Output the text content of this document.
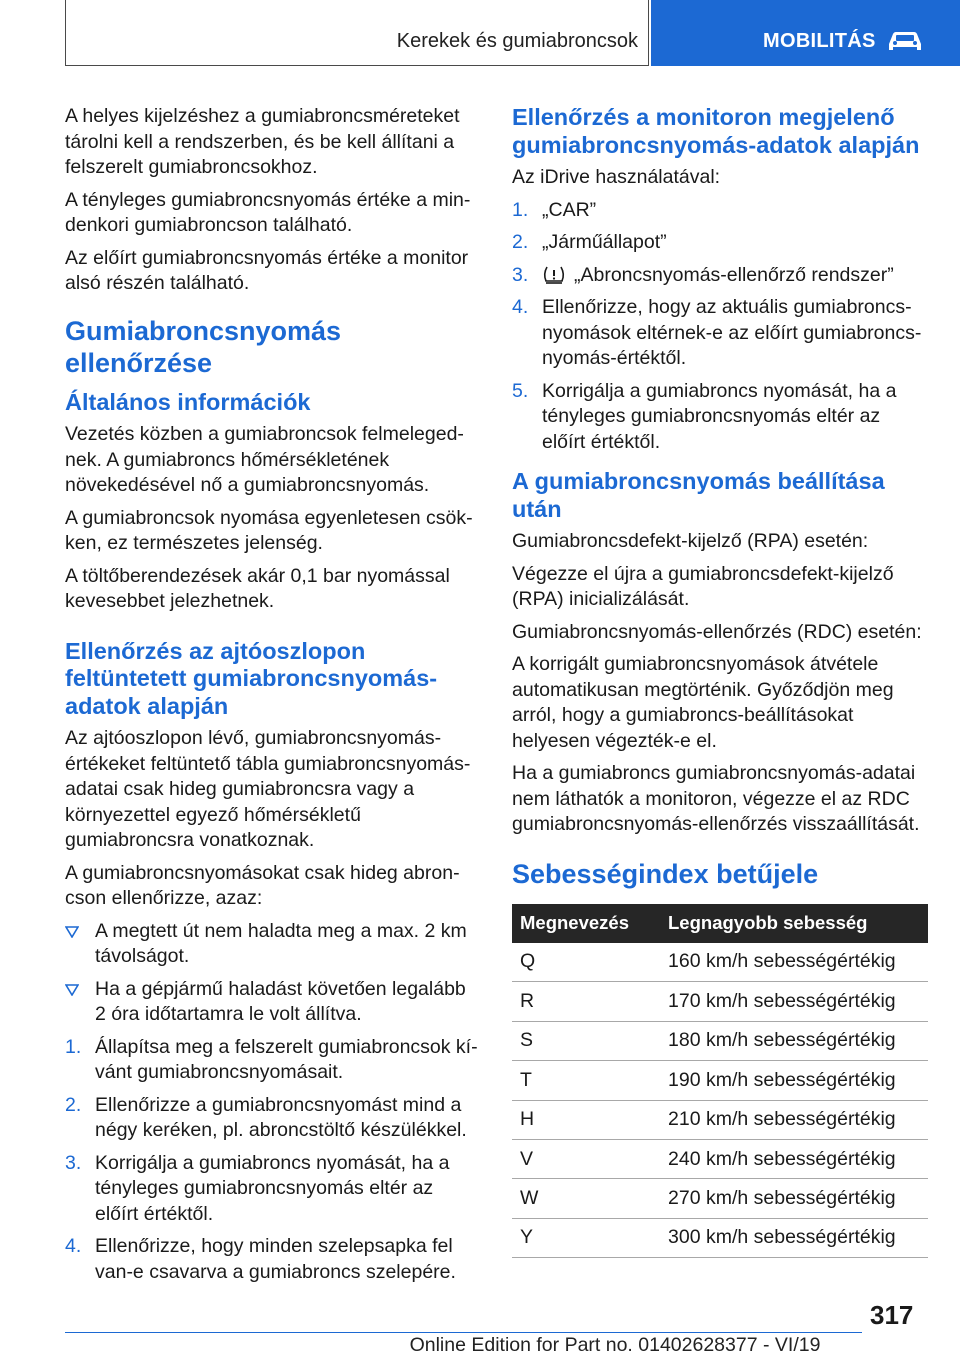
Kerekek és gumiabroncsok	MOBILITÁS

A helyes kijelzéshez a gumiabroncsméreteket tárolni kell a rendszerben, és be kell állítani a felszerelt gumiabroncsokhoz.

A tényleges gumiabroncsnyomás értéke a mindenkori gumiabroncson található.

Az előírt gumiabroncsnyomás értéke a monitor alsó részén található.

Gumiabroncsnyomás ellenőrzése
Általános információk

Vezetés közben a gumiabroncsok felmelegednek. A gumiabroncs hőmérsékletének növekedésével nő a gumiabroncsnyomás.

A gumiabroncsok nyomása egyenletesen csökken, ez természetes jelenség.

A töltőberendezések akár 0,1 bar nyomással kevesebbet jelezhetnek.

Ellenőrzés az ajtóoszlopon feltüntetett gumiabroncsnyomásadatok alapján

Az ajtóoszlopon lévő, gumiabroncsnyomás-értékeket feltüntető tábla gumiabroncsnyomás-adatai csak hideg gumiabroncsra vagy a környezettel egyező hőmérsékletű gumiabroncsra vonatkoznak.

A gumiabroncsnyomásokat csak hideg abroncson ellenőrizze, azaz:

A megtett út nem haladta meg a max. 2 km távolságot.
Ha a gépjármű haladást követően legalább 2 óra időtartamra le volt állítva.
1. Állapítsa meg a felszerelt gumiabroncsok kívánt gumiabroncsnyomásait.
2. Ellenőrizze a gumiabroncsnyomást mind a négy keréken, pl. abroncstöltő készülékkel.
3. Korrigálja a gumiabroncs nyomását, ha a tényleges gumiabroncsnyomás eltér az előírt értéktől.
4. Ellenőrizze, hogy minden szelepsapka fel van-e csavarva a gumiabroncs szelepére.
Ellenőrzés a monitoron megjelenő gumiabroncsnyomás-adatok alapján

Az iDrive használatával:

1. „CAR”
2. „Járműállapot”
3.	„Abroncsnyomás-ellenőrző rendszer”
4. Ellenőrizze, hogy az aktuális gumiabroncsnyomások eltérnek-e az előírt gumiabroncsnyomás-értéktől.
5. Korrigálja a gumiabroncs nyomását, ha a tényleges gumiabroncsnyomás eltér az előírt értéktől.
A gumiabroncsnyomás beállítása után

Gumiabroncsdefekt-kijelző (RPA) esetén:

Végezze el újra a gumiabroncsdefekt-kijelző (RPA) inicializálását.

Gumiabroncsnyomás-ellenőrzés (RDC) esetén:

A korrigált gumiabroncsnyomások átvétele automatikusan megtörténik. Győződjön meg arról, hogy a gumiabroncs-beállításokat helyesen végezték-e el.

Ha a gumiabroncs gumiabroncsnyomás-adatai nem láthatók a monitoron, végezze el az RDC gumiabroncsnyomás-ellenőrzés visszaállítását.

Sebességindex betűjele
Megnevezés	Legnagyobb sebesség
Q	160 km/h sebességértékig
R	170 km/h sebességértékig
S	180 km/h sebességértékig
T	190 km/h sebességértékig
H	210 km/h sebességértékig
V	240 km/h sebességértékig
W	270 km/h sebességértékig
Y	300 km/h sebességértékig
317
Online Edition for Part no. 01402628377 - VI/19
